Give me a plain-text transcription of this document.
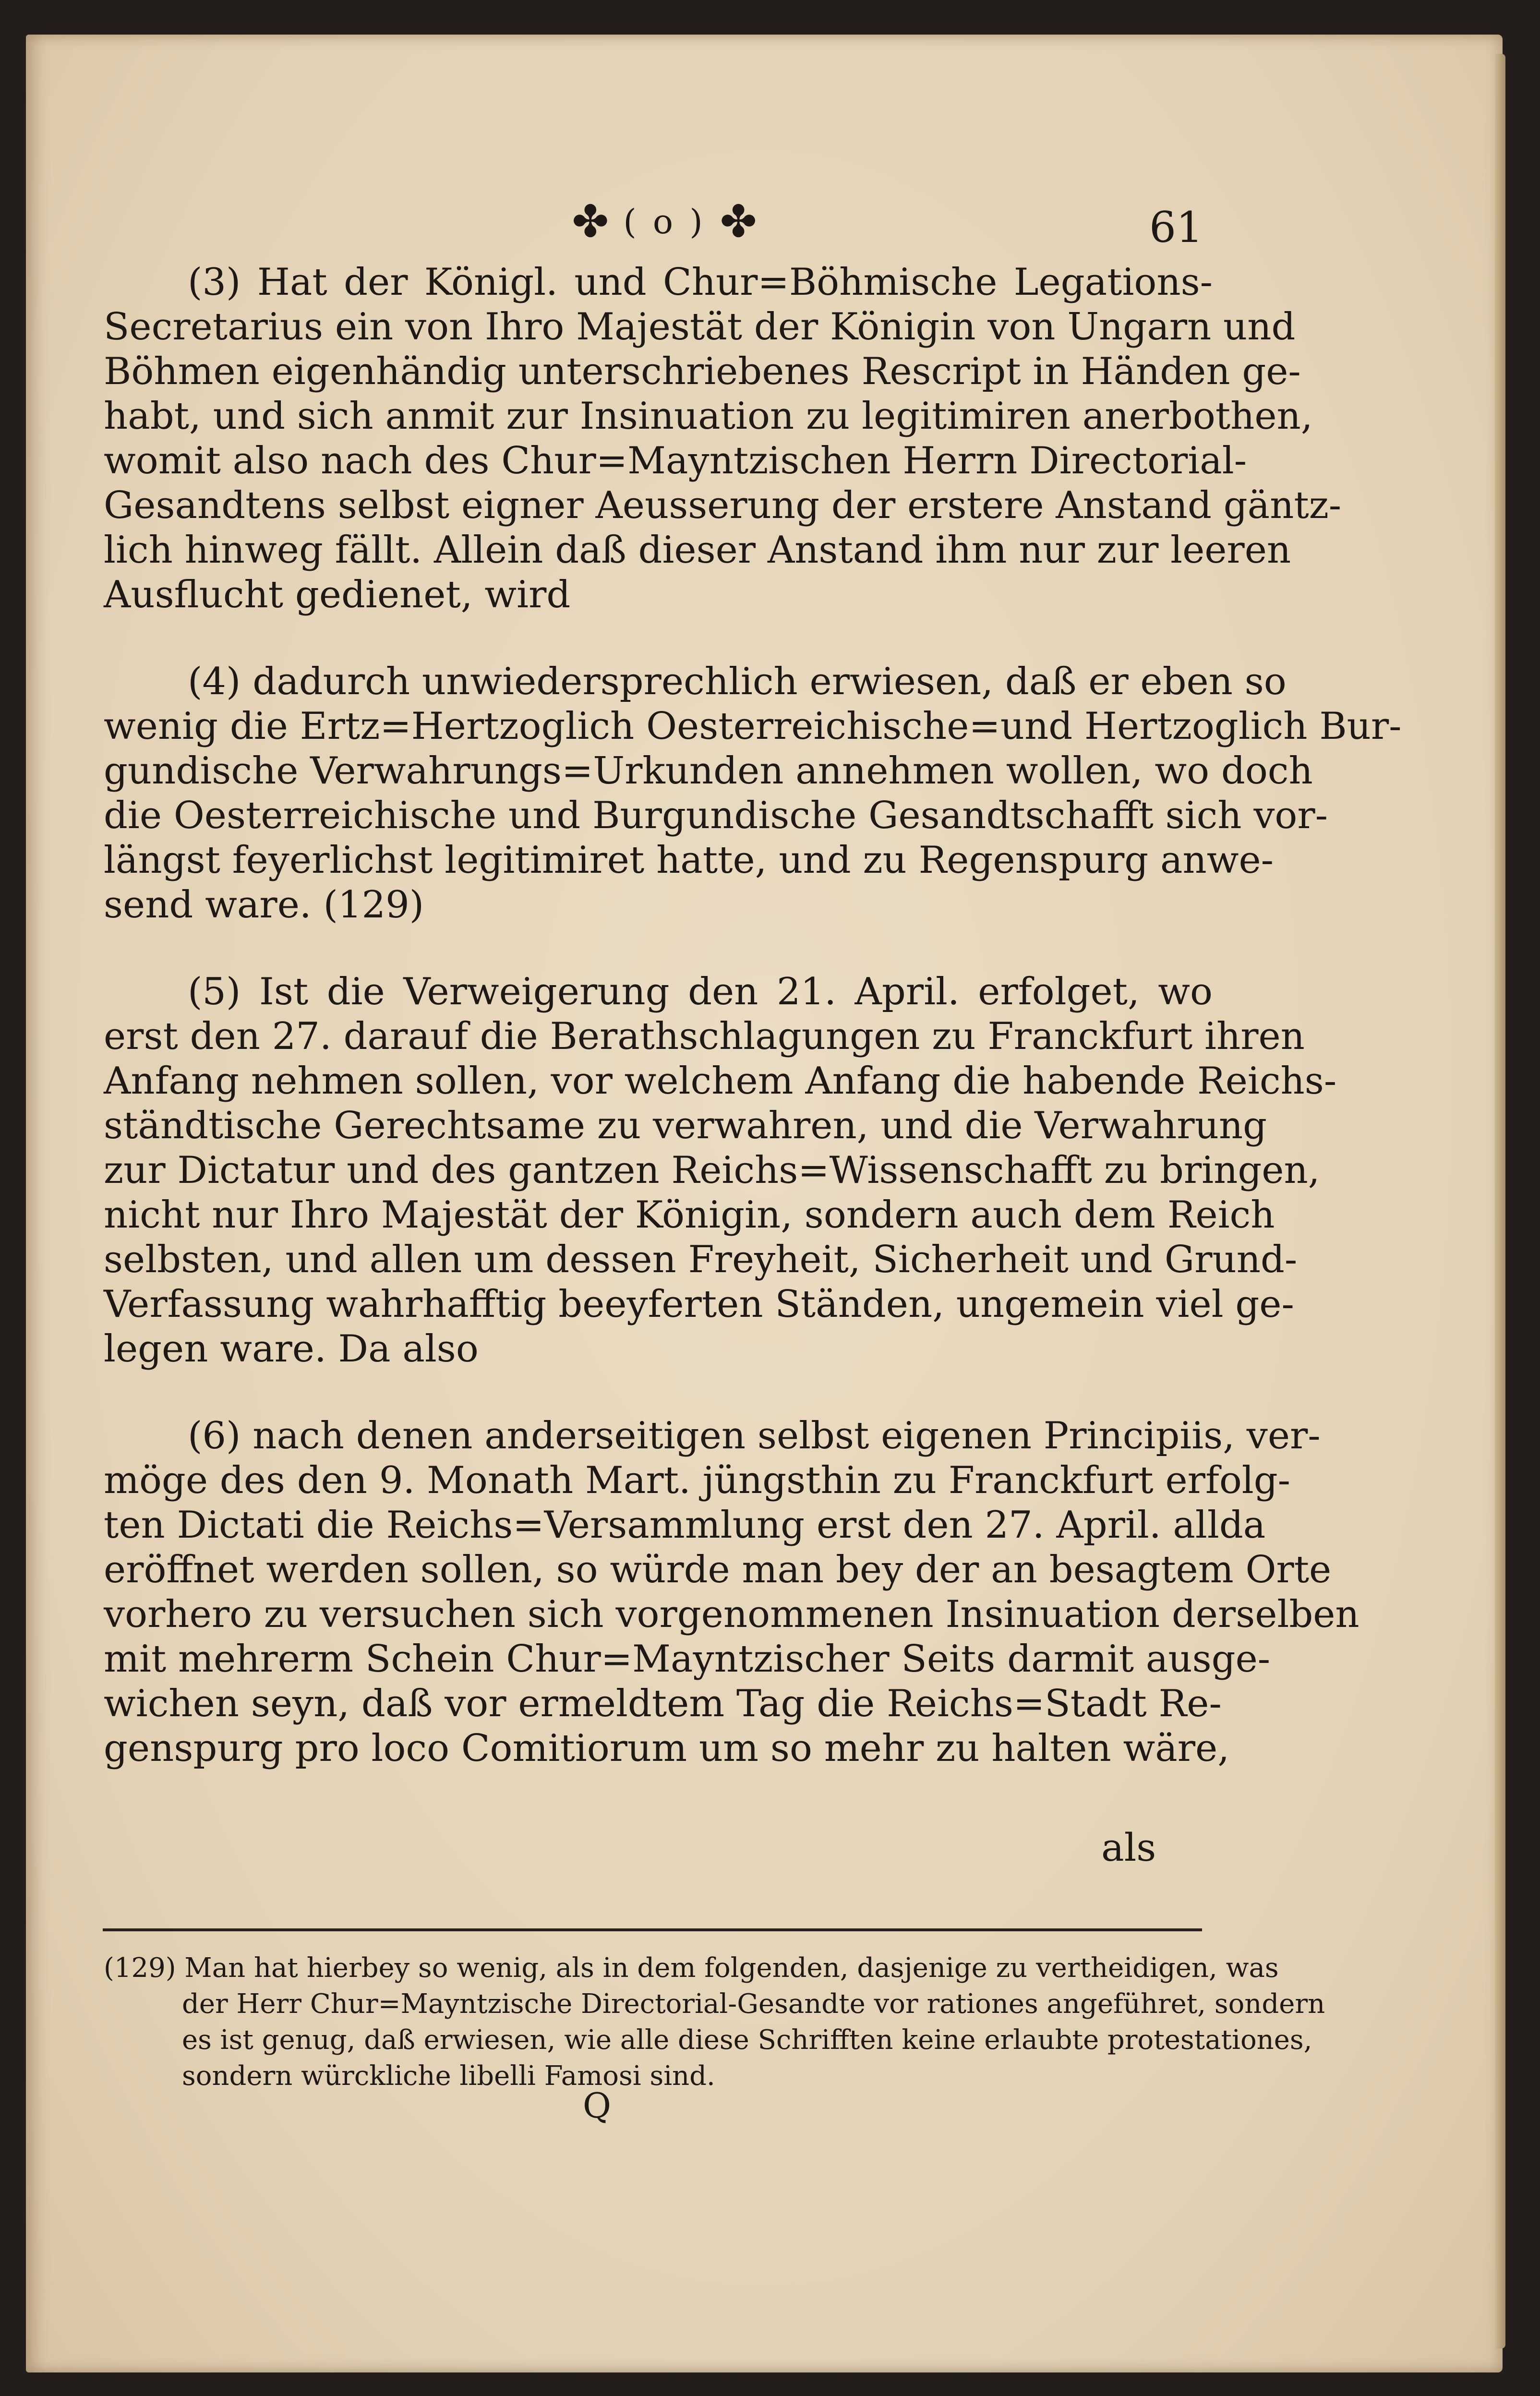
✤ ( o ) ✤	61
(3) Hat der Königl. und Chur=Böhmische Legations-
Secretarius ein von Ihro Majestät der Königin von Ungarn und
Böhmen eigenhändig unterschriebenes Rescript in Händen ge-
habt, und sich anmit zur Insinuation zu legitimiren anerbothen,
womit also nach des Chur=Mayntzischen Herrn Directorial-
Gesandtens selbst eigner Aeusserung der erstere Anstand gäntz-
lich hinweg fällt. Allein daß dieser Anstand ihm nur zur leeren
Ausflucht gedienet, wird
(4) dadurch unwiedersprechlich erwiesen, daß er eben so
wenig die Ertz=Hertzoglich Oesterreichische=und Hertzoglich Bur-
gundische Verwahrungs=Urkunden annehmen wollen, wo doch
die Oesterreichische und Burgundische Gesandtschafft sich vor-
längst feyerlichst legitimiret hatte, und zu Regenspurg anwe-
send ware. (129)
(5) Ist die Verweigerung den 21. April. erfolget, wo
erst den 27. darauf die Berathschlagungen zu Franckfurt ihren
Anfang nehmen sollen, vor welchem Anfang die habende Reichs-
ständtische Gerechtsame zu verwahren, und die Verwahrung
zur Dictatur und des gantzen Reichs=Wissenschafft zu bringen,
nicht nur Ihro Majestät der Königin, sondern auch dem Reich
selbsten, und allen um dessen Freyheit, Sicherheit und Grund-
Verfassung wahrhafftig beeyferten Ständen, ungemein viel ge-
legen ware. Da also
(6) nach denen anderseitigen selbst eigenen Principiis, ver-
möge des den 9. Monath Mart. jüngsthin zu Franckfurt erfolg-
ten Dictati die Reichs=Versammlung erst den 27. April. allda
eröffnet werden sollen, so würde man bey der an besagtem Orte
vorhero zu versuchen sich vorgenommenen Insinuation derselben
mit mehrerm Schein Chur=Mayntzischer Seits darmit ausge-
wichen seyn, daß vor ermeldtem Tag die Reichs=Stadt Re-
genspurg pro loco Comitiorum um so mehr zu halten wäre,
als
(129) Man hat hierbey so wenig, als in dem folgenden, dasjenige zu vertheidigen, was
der Herr Chur=Mayntzische Directorial-Gesandte vor rationes angeführet, sondern
es ist genug, daß erwiesen, wie alle diese Schrifften keine erlaubte protestationes,
sondern würckliche libelli Famosi sind.
Q
